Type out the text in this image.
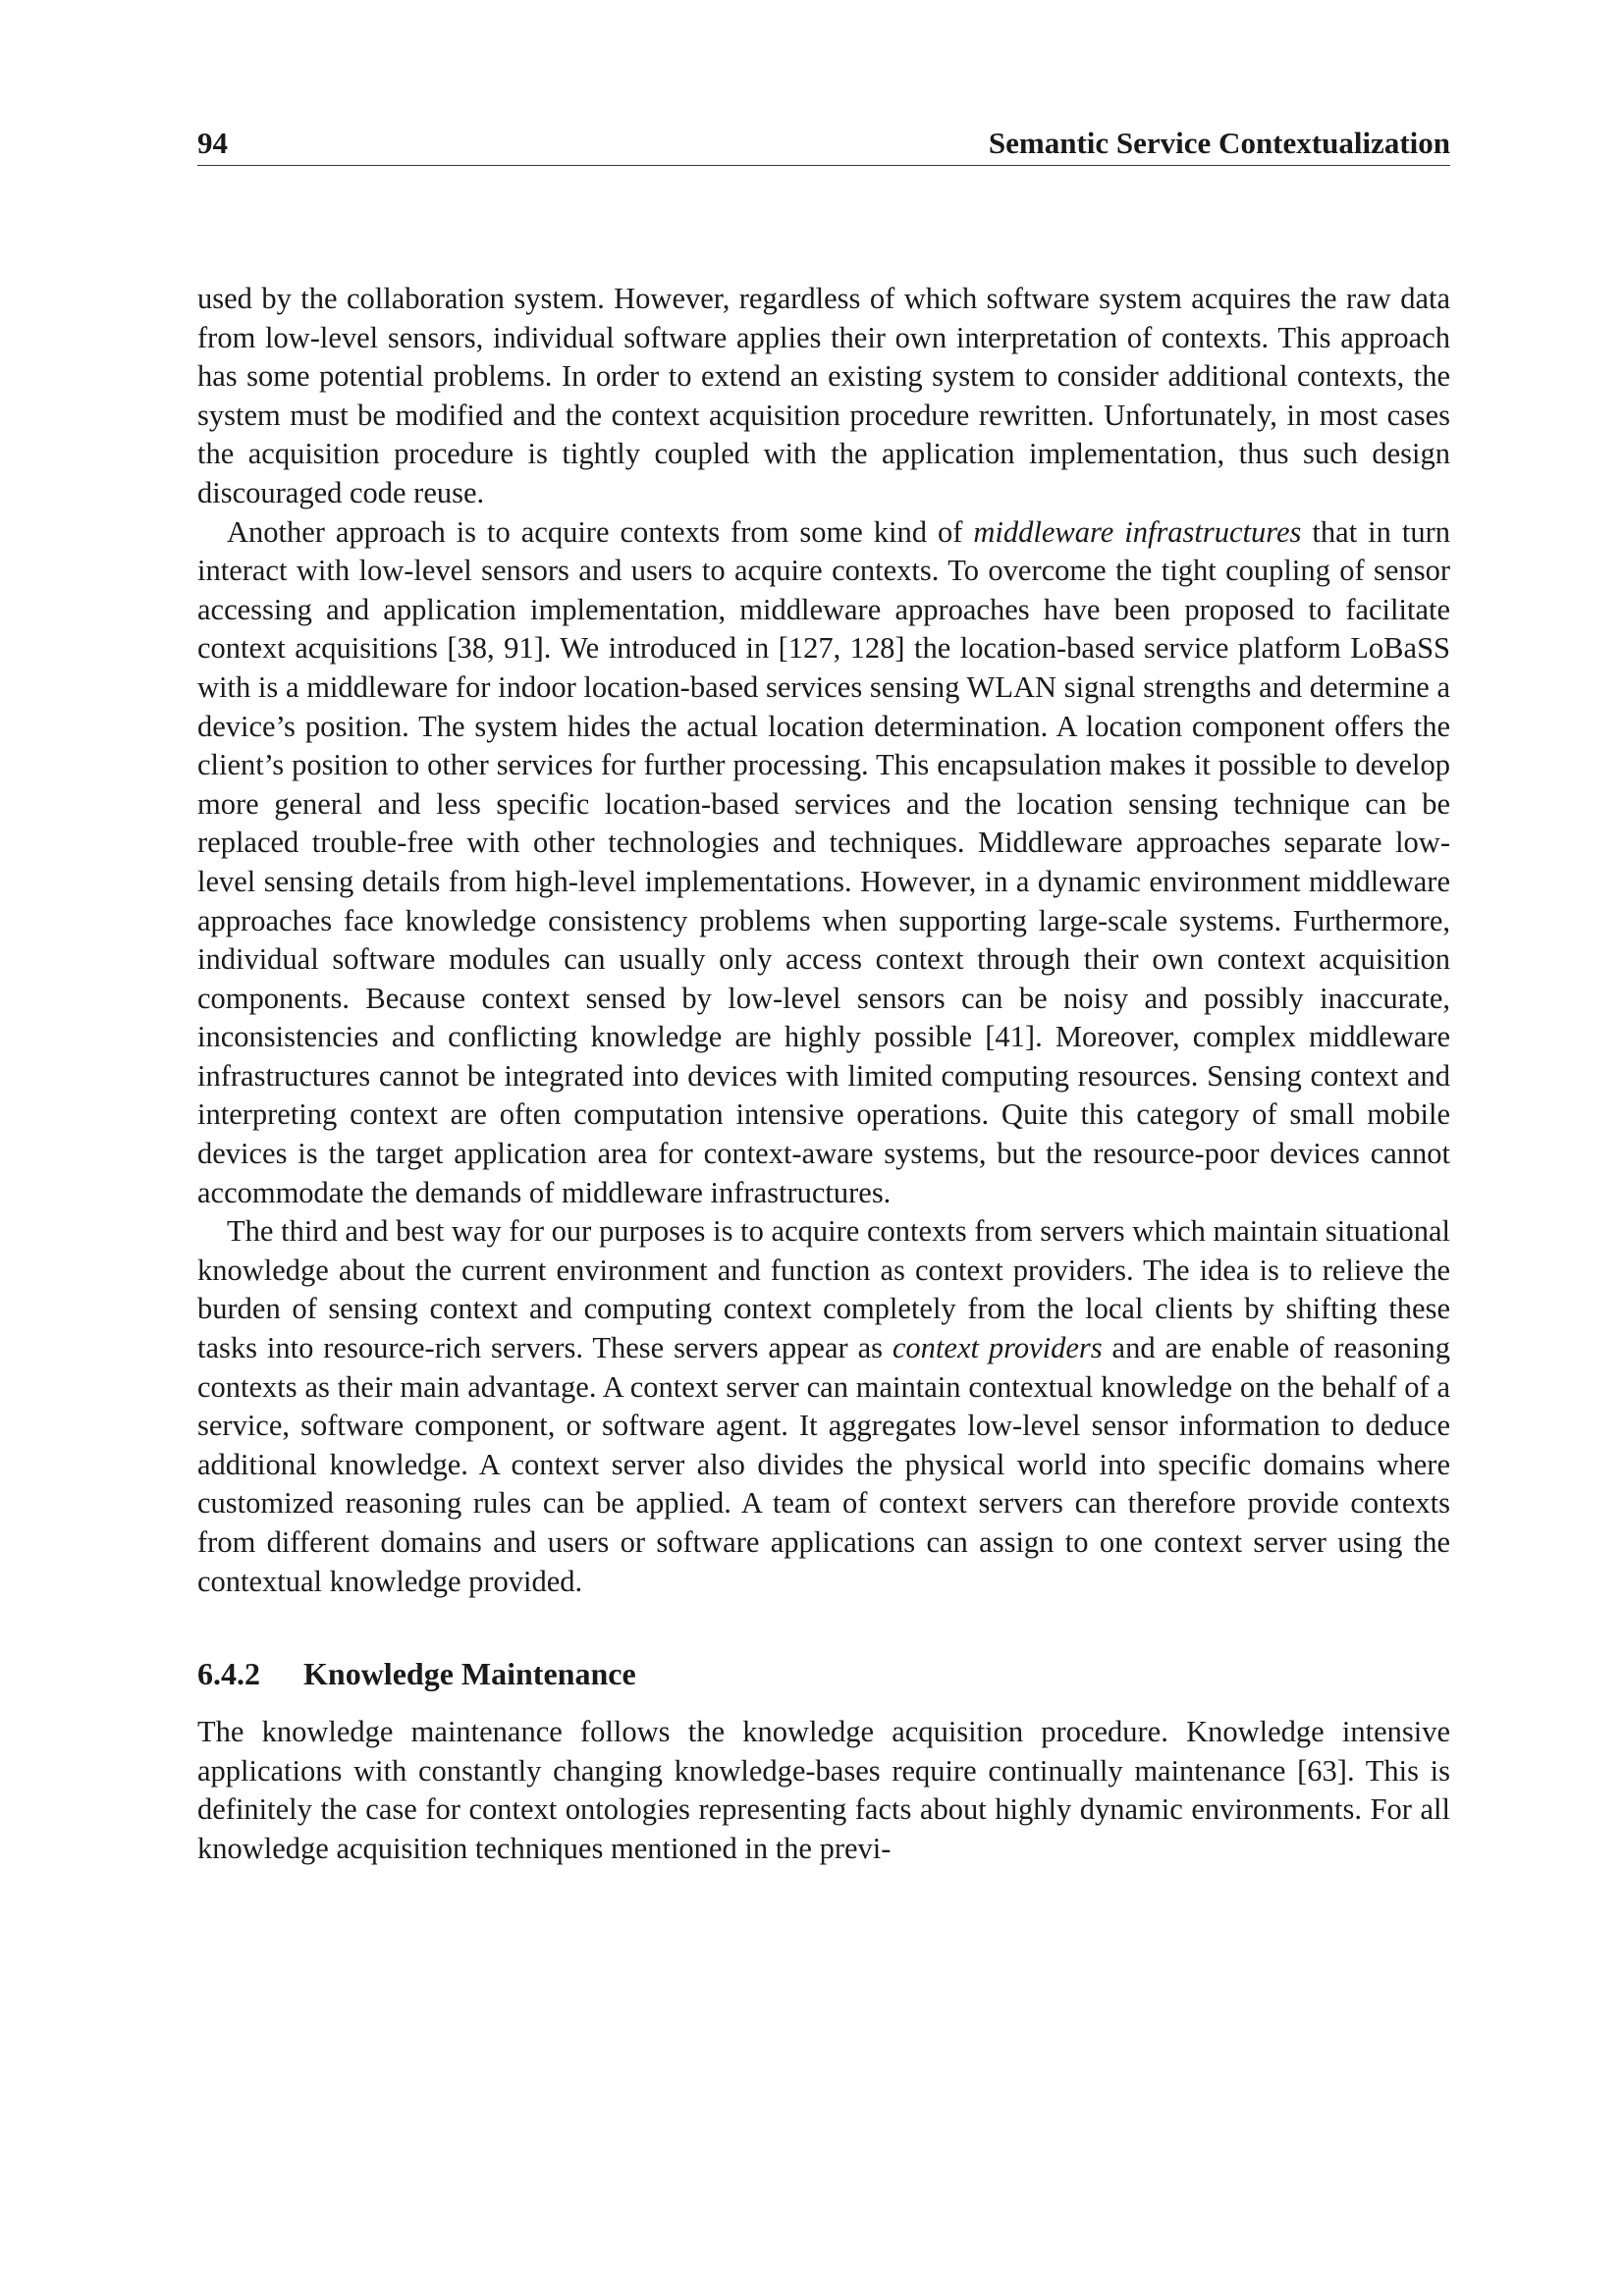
94	Semantic Service Contextualization

used by the collaboration system. However, regardless of which software system acquires the raw data from low-level sensors, individual software applies their own interpretation of contexts. This approach has some potential problems. In order to extend an existing system to consider additional contexts, the system must be modified and the context acquisition procedure rewritten. Unfortunately, in most cases the acquisition procedure is tightly coupled with the application implementation, thus such design discouraged code reuse.

Another approach is to acquire contexts from some kind of middleware infrastructures that in turn interact with low-level sensors and users to acquire contexts. To overcome the tight coupling of sensor accessing and application implementation, middleware approaches have been proposed to facilitate context acquisitions [38, 91]. We introduced in [127, 128] the location-based service platform LoBaSS with is a middleware for indoor location-based services sensing WLAN signal strengths and determine a device’s position. The system hides the actual location determination. A location component offers the client’s position to other services for further processing. This encapsulation makes it possible to develop more general and less specific location-based services and the location sensing technique can be replaced trouble-free with other technologies and techniques. Middleware approaches separate low-level sensing details from high-level implementations. However, in a dynamic environment middleware approaches face knowledge consistency problems when supporting large-scale systems. Furthermore, individual software modules can usually only access context through their own context acquisition components. Because context sensed by low-level sensors can be noisy and possibly inaccurate, inconsistencies and conflicting knowledge are highly possible [41]. Moreover, complex middleware infrastructures cannot be integrated into devices with limited computing resources. Sensing context and interpreting context are often computation intensive operations. Quite this category of small mobile devices is the target application area for context-aware systems, but the resource-poor devices cannot accommodate the demands of middleware infrastructures.

The third and best way for our purposes is to acquire contexts from servers which maintain situational knowledge about the current environment and function as context providers. The idea is to relieve the burden of sensing context and computing context completely from the local clients by shifting these tasks into resource-rich servers. These servers appear as context providers and are enable of reasoning contexts as their main advantage. A context server can maintain contextual knowledge on the behalf of a service, software component, or software agent. It aggregates low-level sensor information to deduce additional knowledge. A context server also divides the physical world into specific domains where customized reasoning rules can be applied. A team of context servers can therefore provide contexts from different domains and users or software applications can assign to one context server using the contextual knowledge provided.

6.4.2 Knowledge Maintenance

The knowledge maintenance follows the knowledge acquisition procedure. Knowledge intensive applications with constantly changing knowledge-bases require continually maintenance [63]. This is definitely the case for context ontologies representing facts about highly dynamic environments. For all knowledge acquisition techniques mentioned in the previ-
